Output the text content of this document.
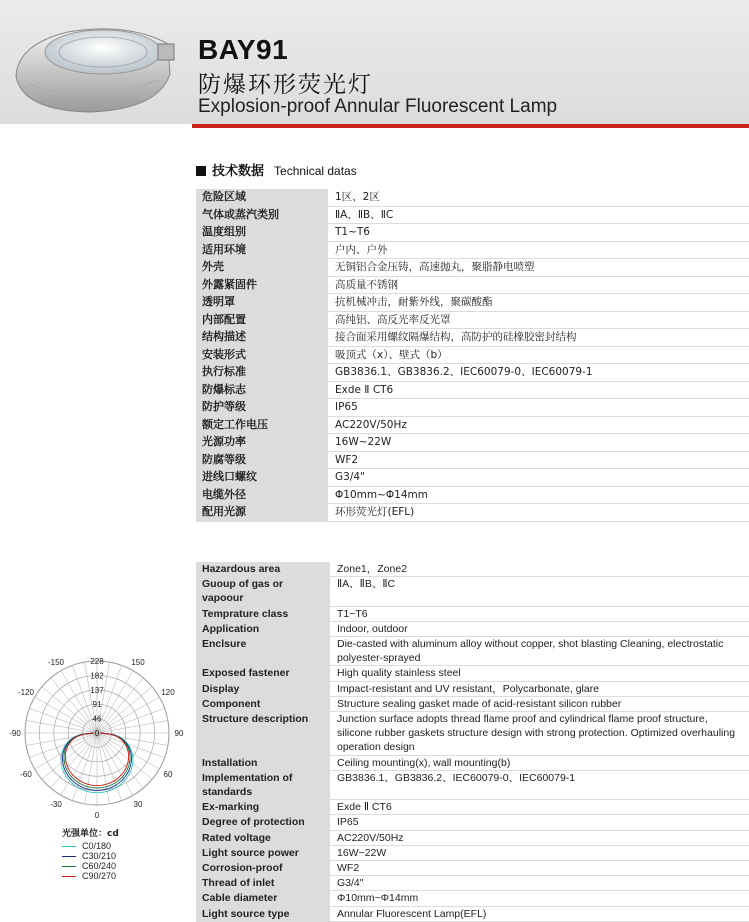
BAY91
防爆环形荧光灯
Explosion-proof Annular Fluorescent Lamp
技术数据 Technical datas
危险区域	1区、2区
气体或蒸汽类别	ⅡA、ⅡB、ⅡC
温度组别	T1~T6
适用环境	户内、户外
外壳	无铜铝合金压铸，高速抛丸，聚脂静电喷塑
外露紧固件	高质量不锈钢
透明罩	抗机械冲击，耐紫外线，聚碳酸酯
内部配置	高纯铝、高反光率反光罩
结构描述	接合面采用螺纹隔爆结构，高防护的硅橡胶密封结构
安装形式	吸顶式（x）、壁式（b）
执行标准	GB3836.1、GB3836.2、IEC60079-0、IEC60079-1
防爆标志	Exde Ⅱ CT6
防护等级	IP65
额定工作电压	AC220V/50Hz
光源功率	16W~22W
防腐等级	WF2
进线口螺纹	G3/4"
电缆外径	Φ10mm~Φ14mm
配用光源	环形荧光灯(EFL)
Hazardous area	Zone1，Zone2
Guoup of gas or vapoour	ⅡA、ⅡB、ⅡC
Temprature class	T1~T6
Application	Indoor, outdoor
Enclsure	Die-casted with aluminum alloy without copper, shot blasting Cleaning, electrostatic polyester-sprayed
Exposed fastener	High quality stainless steel
Display	Impact-resistant and UV resistant，Polycarbonate, glare
Component	Structure sealing gasket made of acid-resistant silicon rubber
Structure description	Junction surface adopts thread flame proof and cylindrical flame proof structure, silicone rubber gaskets structure design with strong protection. Optimized overhauling operation design
Installation	Ceiling mounting(x), wall mounting(b)
Implementation of standards	GB3836.1、GB3836.2、IEC60079-0、IEC60079-1
Ex-marking	Exde Ⅱ CT6
Degree of protection	IP65
Rated voltage	AC220V/50Hz
Light source power	16W~22W
Corrosion-proof	WF2
Thread of inlet	G3/4"
Cable diameter	Φ10mm~Φ14mm
Light source type	Annular Fluorescent Lamp(EFL)
228
182
137
91
46
0
-150	150
-120	120
-90	90
-60	60
-30	30
0
光强单位：cd
C0/180
C30/210
C60/240
C90/270
